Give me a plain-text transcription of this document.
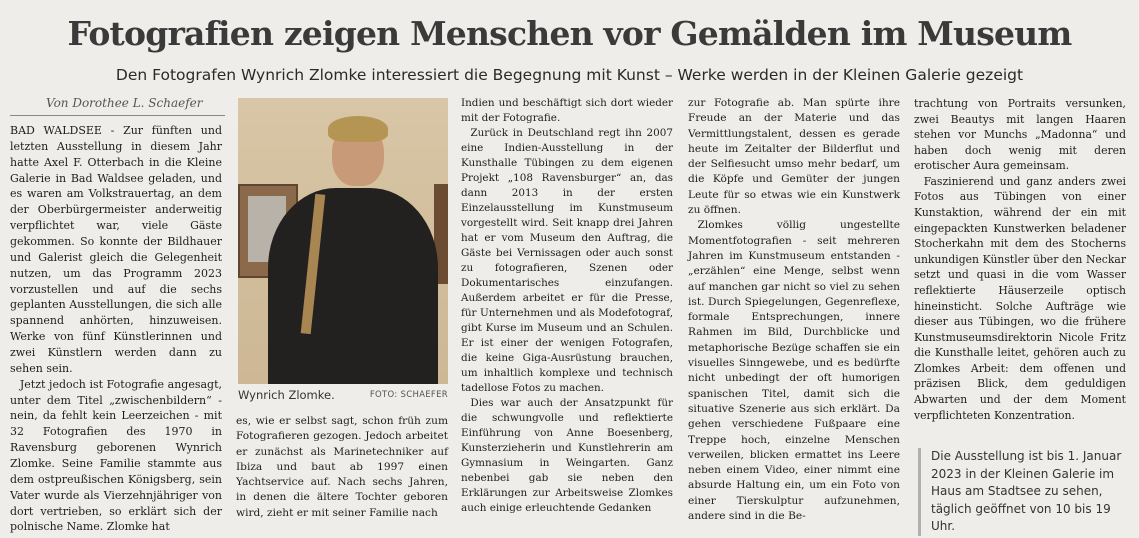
Fotografien zeigen Menschen vor Gemälden im Museum
Den Fotografen Wynrich Zlomke interessiert die Begegnung mit Kunst – Werke werden in der Kleinen Galerie gezeigt
Von Dorothee L. Schaefer

BAD WALDSEE - Zur fünften und letzten Ausstellung in diesem Jahr hatte Axel F. Otterbach in die Kleine Galerie in Bad Waldsee geladen, und es waren am Volkstrauertag, an dem der Oberbürgermeister anderweitig verpflichtet war, viele Gäste gekommen. So konnte der Bildhauer und Galerist gleich die Gelegenheit nutzen, um das Programm 2023 vorzustellen und auf die sechs geplanten Ausstellungen, die sich alle spannend anhörten, hinzuweisen. Werke von fünf Künstlerinnen und zwei Künstlern werden dann zu sehen sein.

Jetzt jedoch ist Fotografie angesagt, unter dem Titel „zwischenbildern“ - nein, da fehlt kein Leerzeichen - mit 32 Fotografien des 1970 in Ravensburg geborenen Wynrich Zlomke. Seine Familie stammte aus dem ostpreußischen Königsberg, sein Vater wurde als Vierzehnjähriger von dort vertrieben, so erklärt sich der polnische Name. Zlomke hat

Wynrich Zlomke.	FOTO: SCHAEFER

es, wie er selbst sagt, schon früh zum Fotografieren gezogen. Jedoch arbeitet er zunächst als Marinetechniker auf Ibiza und baut ab 1997 einen Yachtservice auf. Nach sechs Jahren, in denen die ältere Tochter geboren wird, zieht er mit seiner Familie nach

Indien und beschäftigt sich dort wieder mit der Fotografie.

Zurück in Deutschland regt ihn 2007 eine Indien-Ausstellung in der Kunsthalle Tübingen zu dem eigenen Projekt „108 Ravensburger“ an, das dann 2013 in der ersten Einzelausstellung im Kunstmuseum vorgestellt wird. Seit knapp drei Jahren hat er vom Museum den Auftrag, die Gäste bei Vernissagen oder auch sonst zu fotografieren, Szenen oder Dokumentarisches einzufangen. Außerdem arbeitet er für die Presse, für Unternehmen und als Modefotograf, gibt Kurse im Museum und an Schulen. Er ist einer der wenigen Fotografen, die keine Giga-Ausrüstung brauchen, um inhaltlich komplexe und technisch tadellose Fotos zu machen.

Dies war auch der Ansatzpunkt für die schwungvolle und reflektierte Einführung von Anne Boesenberg, Kunsterzieherin und Kunstlehrerin am Gymnasium in Weingarten. Ganz nebenbei gab sie neben den Erklärungen zur Arbeitsweise Zlomkes auch einige erleuchtende Gedanken

zur Fotografie ab. Man spürte ihre Freude an der Materie und das Vermittlungstalent, dessen es gerade heute im Zeitalter der Bilderflut und der Selfiesucht umso mehr bedarf, um die Köpfe und Gemüter der jungen Leute für so etwas wie ein Kunstwerk zu öffnen.

Zlomkes völlig ungestellte Momentfotografien - seit mehreren Jahren im Kunstmuseum entstanden - „erzählen“ eine Menge, selbst wenn auf manchen gar nicht so viel zu sehen ist. Durch Spiegelungen, Gegenreflexe, formale Entsprechungen, innere Rahmen im Bild, Durchblicke und metaphorische Bezüge schaffen sie ein visuelles Sinngewebe, und es bedürfte nicht unbedingt der oft humorigen spanischen Titel, damit sich die situative Szenerie aus sich erklärt. Da gehen verschiedene Fußpaare eine Treppe hoch, einzelne Menschen verweilen, blicken ermattet ins Leere neben einem Video, einer nimmt eine absurde Haltung ein, um ein Foto von einer Tierskulptur aufzunehmen, andere sind in die Be-

trachtung von Portraits versunken, zwei Beautys mit langen Haaren stehen vor Munchs „Madonna“ und haben doch wenig mit deren erotischer Aura gemeinsam.

Faszinierend und ganz anders zwei Fotos aus Tübingen von einer Kunstaktion, während der ein mit eingepackten Kunstwerken beladener Stocherkahn mit dem des Stocherns unkundigen Künstler über den Neckar setzt und quasi in die vom Wasser reflektierte Häuserzeile optisch hineinsticht. Solche Aufträge wie dieser aus Tübingen, wo die frühere Kunstmuseumsdirektorin Nicole Fritz die Kunsthalle leitet, gehören auch zu Zlomkes Arbeit: dem offenen und präzisen Blick, dem geduldigen Abwarten und der dem Moment verpflichteten Konzentration.

Die Ausstellung ist bis 1. Januar 2023 in der Kleinen Galerie im Haus am Stadtsee zu sehen, täglich geöffnet von 10 bis 19 Uhr.
